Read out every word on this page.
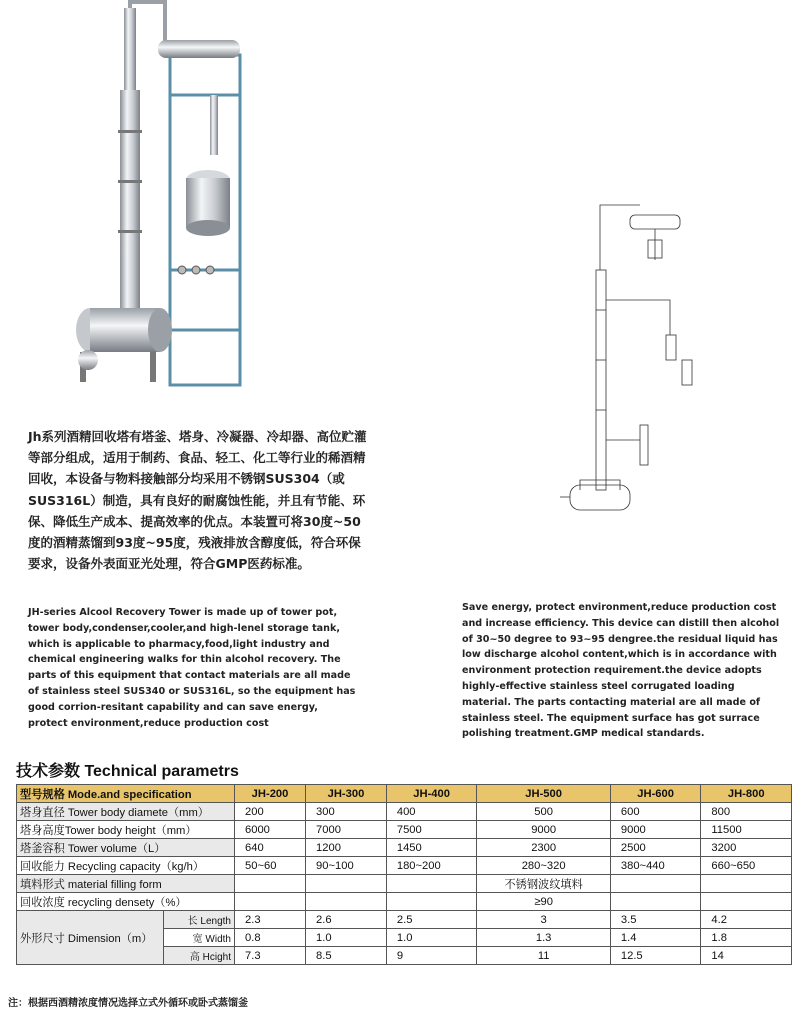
Jh系列酒精回收塔有塔釜、塔身、冷凝器、冷却器、高位贮灌等部分组成，适用于制药、食品、轻工、化工等行业的稀酒精回收，本设备与物料接触部分均采用不锈钢SUS304（或SUS316L）制造，具有良好的耐腐蚀性能，并且有节能、环保、降低生产成本、提高效率的优点。本装置可将30度~50度的酒精蒸馏到93度~95度，残液排放含醇度低，符合环保要求，设备外表面亚光处理，符合GMP医药标准。
JH-series Alcool Recovery Tower is made up of tower pot, tower body,condenser,cooler,and high-lenel storage tank, which is applicable to pharmacy,food,light industry and chemical engineering walks for thin alcohol recovery. The parts of this equipment that contact materials are all made of stainless steel SUS340 or SUS316L, so the equipment has good corrion-resitant capability and can save energy, protect environment,reduce production cost
Save energy, protect environment,reduce production cost and increase efficiency. This device can distill then alcohol of 30~50 degree to 93~95 dengree.the residual liquid has low discharge alcohol content,which is in accordance with environment protection requirement.the device adopts highly-effective stainless steel corrugated loading material. The parts contacting material are all made of stainless steel. The equipment surface has got surrace polishing treatment.GMP medical standards.
技术参数 Technical parametrs
型号规格 Mode.and specification		JH-200	JH-300	JH-400	JH-500	JH-600	JH-800
塔身直径 Tower body diamete（mm）		200	300	400	500	600	800
塔身高度Tower body height（mm）		6000	7000	7500	9000	9000	11500
塔釜容积 Tower volume（L）		640	1200	1450	2300	2500	3200
回收能力 Recycling capacity（kg/h）		50~60	90~100	180~200	280~320	380~440	660~650
填料形式 material filling form					不锈钢波纹填料		
回收浓度 recycling densety（%）					≥90		
外形尺寸 Dimension（m）	长 Length	2.3	2.6	2.5	3	3.5	4.2
	宽 Width	0.8	1.0	1.0	1.3	1.4	1.8
	高 Hcight	7.3	8.5	9	11	12.5	14
注：根据西酒精浓度情况选择立式外循环或卧式蒸馏釜
